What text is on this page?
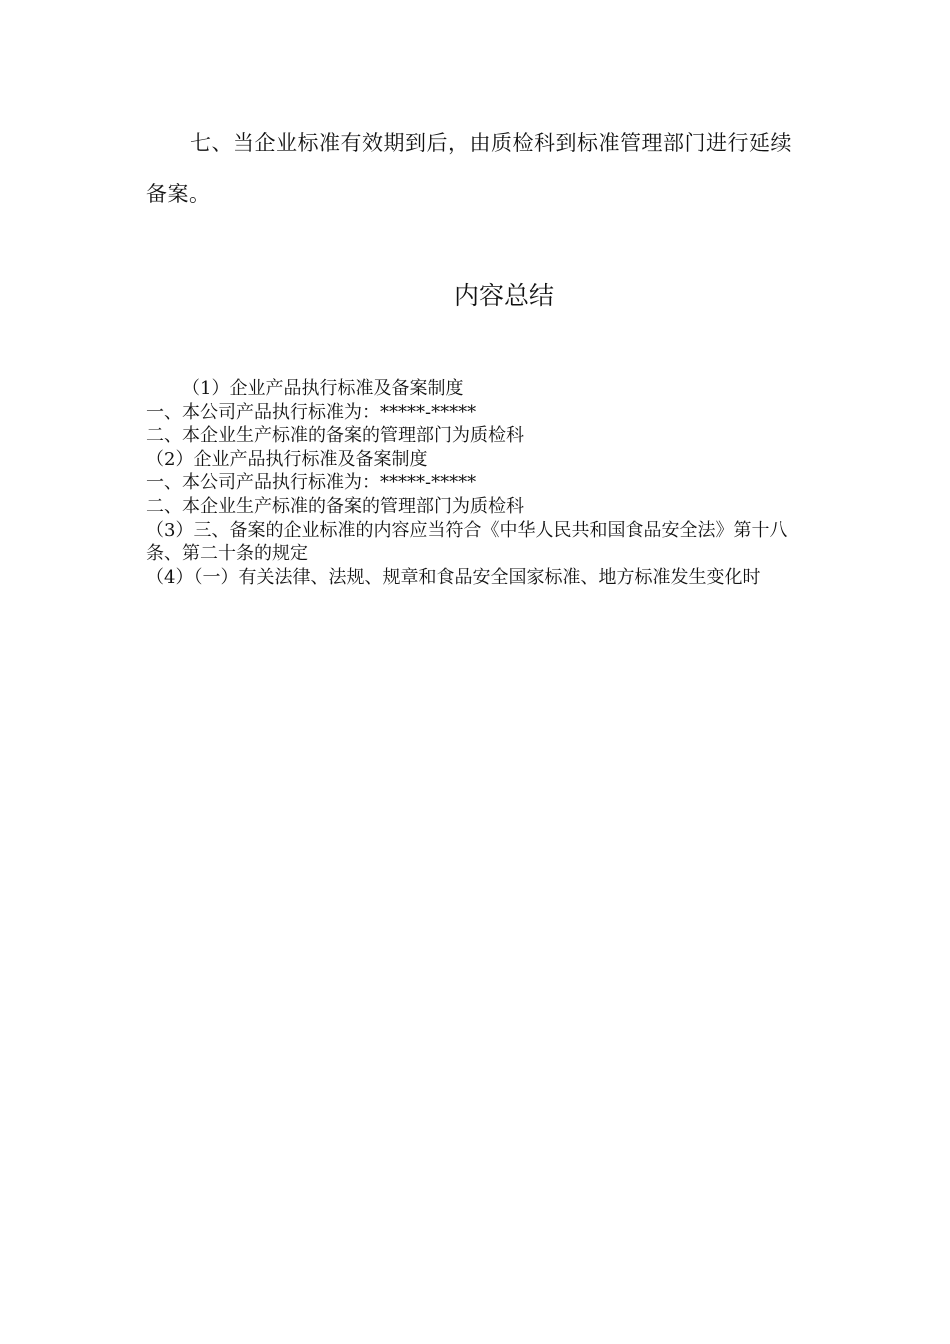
七、当企业标准有效期到后，由质检科到标准管理部门进行延续备案。

内容总结
（1）企业产品执行标准及备案制度
一、本公司产品执行标准为：*****-*****
二、本企业生产标准的备案的管理部门为质检科
（2）企业产品执行标准及备案制度
一、本公司产品执行标准为：*****-*****
二、本企业生产标准的备案的管理部门为质检科
（3）三、备案的企业标准的内容应当符合《中华人民共和国食品安全法》第十八条、第二十条的规定
（4）（一）有关法律、法规、规章和食品安全国家标准、地方标准发生变化时
